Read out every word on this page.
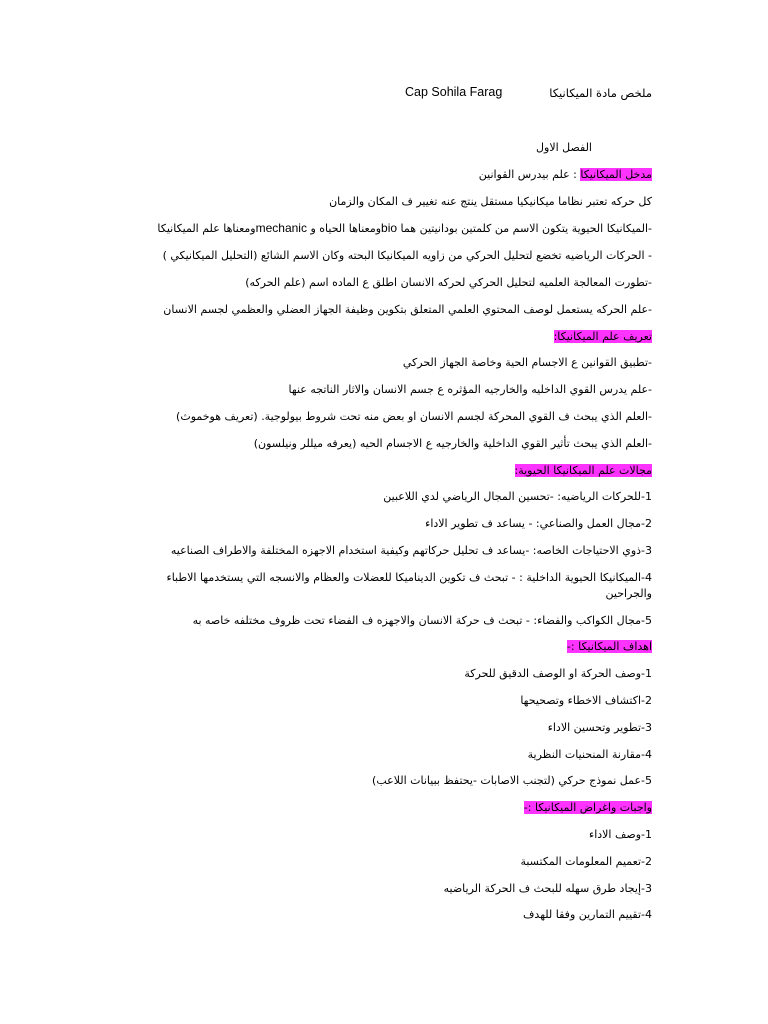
ملخص مادة الميكانيكا
Cap Sohila Farag
الفصل الاول
مدخل الميكانيكا : علم بيدرس القوانين
كل حركه تعتبر نظاما ميكانيكيا مستقل ينتج عنه تغيير ف المكان والزمان
-الميكانيكا الحيوية يتكون الاسم من كلمتين بودانيتين هما bioومعناها الحياه و mechanicومعناها علم الميكانيكا
- الحركات الرياضيه تخضع لتحليل الحركي من زاويه الميكانيكا البحته وكان الاسم الشائع (التحليل الميكانيكي )
-تطورت المعالجة العلميه لتحليل الحركي لحركه الانسان اطلق ع الماده اسم (علم الحركه)
-علم الحركه يستعمل لوصف المحتوي العلمي المتعلق بتكوين وظيفة الجهاز العضلي والعظمي لجسم الانسان
تعريف علم الميكانيكا:
-تطبيق القوانين ع الاجسام الحية وخاصة الجهاز الحركي
-علم يدرس القوي الداخليه والخارجيه المؤثره ع جسم الانسان والاثار الناتجه عنها
-العلم الذي يبحث ف القوي المحركة لجسم الانسان او بعض منه تحت شروط بيولوجية. (تعريف هوخموث)
-العلم الذي يبحث تأثير القوي الداخلية والخارجيه ع الاجسام الحيه (يعرفه ميللر ونيلسون)
مجالات علم الميكانيكا الحيوية:
1-للحركات الرياضيه: -تحسين المجال الرياضي لدي اللاعبين
2-مجال العمل والصناعي: - يساعد ف تطوير الاداء
3-ذوي الاحتياجات الخاصه: -يساعد ف تحليل حركاتهم وكيفية استخدام الاجهزه المختلفة والاطراف الصناعيه
4-الميكانيكا الحيوية الداخلية : - تبحث ف تكوين الديناميكا للعضلات والعظام والانسجه التي يستخدمها الاطباء والجراحين
5-مجال الكواكب والفضاء: - تبحث ف حركة الانسان والاجهزه ف الفضاء تحت ظروف مختلفه خاصه به
اهداف الميكانيكا :-
1-وصف الحركة او الوصف الدقيق للحركة
2-اكتشاف الاخطاء وتصحيحها
3-تطوير وتحسين الاداء
4-مقارنة المنحنيات النظرية
5-عمل نموذج حركي (لتجنب الاصابات -يحتفظ ببيانات اللاعب)
واجبات واغراض الميكانيكا :-
1-وصف الاداء
2-تعميم المعلومات المكتسبة
3-إيجاد طرق سهله للبحث ف الحركة الرياضيه
4-تقييم التمارين وفقا للهدف
